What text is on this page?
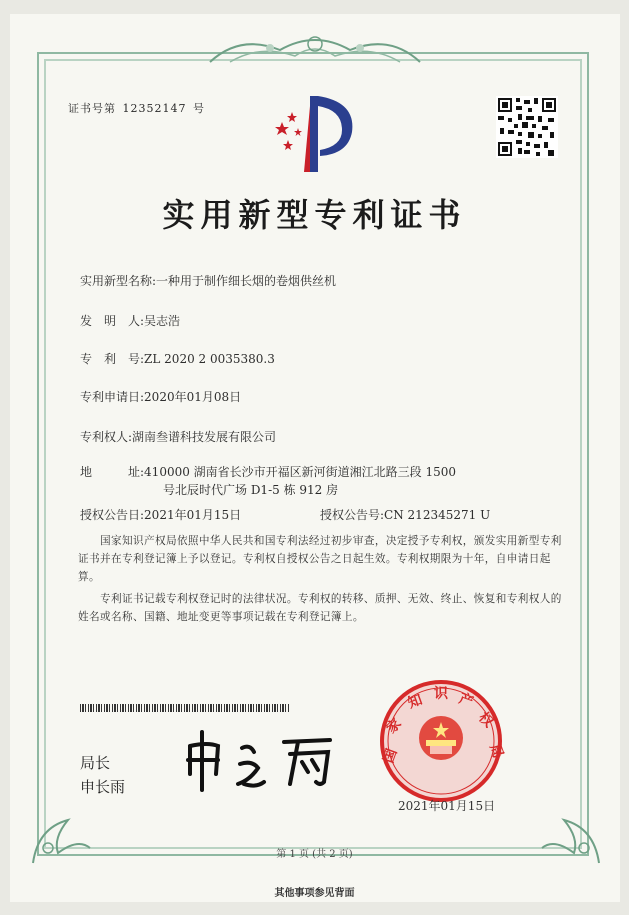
证书号第 12352147 号
实用新型专利证书
实用新型名称:一种用于制作细长烟的卷烟供丝机
发　明　人:吴志浩
专　利　号:ZL 2020 2 0035380.3
专利申请日:2020年01月08日
专利权人:湖南叁谱科技发展有限公司
地　　　址:410000 湖南省长沙市开福区新河街道湘江北路三段 1500
号北辰时代广场 D1-5 栋 912 房
授权公告日:2021年01月15日	授权公告号:CN 212345271 U
　　国家知识产权局依照中华人民共和国专利法经过初步审查，决定授予专利权，颁发实用新型专利证书并在专利登记簿上予以登记。专利权自授权公告之日起生效。专利权期限为十年，自申请日起算。
　　专利证书记载专利权登记时的法律状况。专利权的转移、质押、无效、终止、恢复和专利权人的姓名或名称、国籍、地址变更等事项记载在专利登记簿上。
局长
申长雨
国
家
知 识 产
权
局
2021年01月15日
第 1 页 (共 2 页)
其他事项参见背面
